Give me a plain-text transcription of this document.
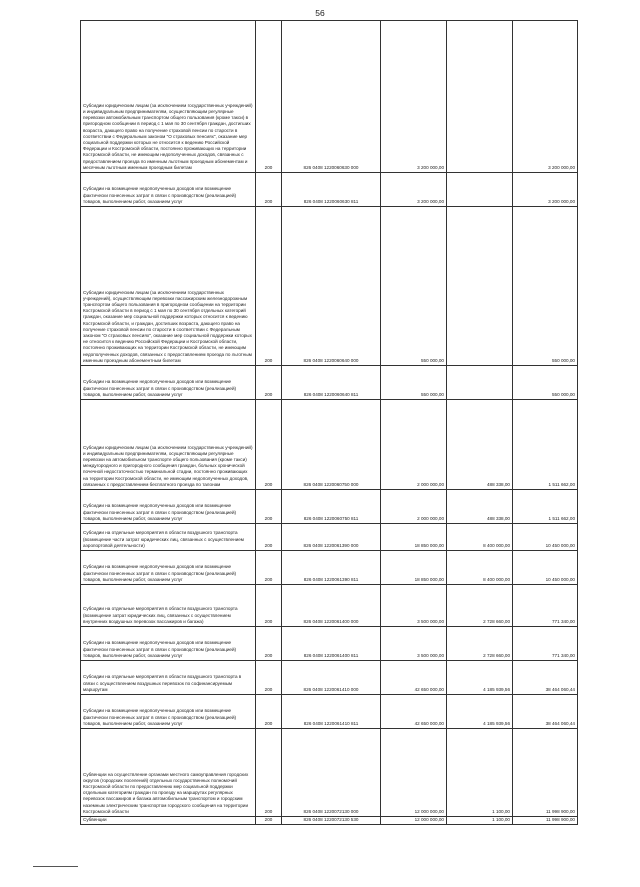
56
Субсидии юридическим лицам (за исключением государственных учреждений) и индивидуальным предпринимателям, осуществляющим регулярные перевозки автомобильным транспортом общего пользования (кроме такси) в пригородном сообщении в период с 1 мая по 30 сентября граждан, достигших возраста, дающего право на получение страховой пенсии по старости в соответствии с Федеральным законом "О страховых пенсиях", оказание мер социальной поддержки которых не относится к ведению Российской Федерации и Костромской области, постоянно проживающих на территории Костромской области, не имеющим недополученных доходов, связанных с предоставлением проезда по именным льготным проездным абонементам и месячным льготным именным проездным билетам	200	826 0408 1220060630 000	3 200 000,00		3 200 000,00
Субсидии на возмещение недополученных доходов или возмещение фактически понесенных затрат в связи с производством (реализацией) товаров, выполнением работ, оказанием услуг	200	826 0408 1220060630 811	3 200 000,00		3 200 000,00
Субсидии юридическим лицам (за исключением государственных учреждений), осуществляющим перевозки пассажирским железнодорожным транспортом общего пользования в пригородном сообщении на территории Костромской области в период с 1 мая по 30 сентября отдельных категорий граждан, оказание мер социальной поддержки которых относится к ведению Костромской области, и граждан, достигших возраста, дающего право на получение страховой пенсии по старости в соответствии с Федеральным законом "О страховых пенсиях", оказание мер социальной поддержки которых не относится к ведению Российской Федерации и Костромской области, постоянно проживающих на территории Костромской области, не имеющим недополученных доходов, связанных с предоставлением проезда по льготным именным проездным абонементным билетам	200	826 0408 1220060640 000	550 000,00		550 000,00
Субсидии на возмещение недополученных доходов или возмещение фактически понесенных затрат в связи с производством (реализацией) товаров, выполнением работ, оказанием услуг	200	826 0408 1220060640 811	550 000,00		550 000,00
Субсидии юридическим лицам (за исключением государственных учреждений) и индивидуальным предпринимателям, осуществляющим регулярные перевозки на автомобильном транспорте общего пользования (кроме такси) междугородного и пригородного сообщения граждан, больных хронической почечной недостаточностью терминальной стадии, постоянно проживающих на территории Костромской области, не имеющим недополученных доходов, связанных с предоставлением бесплатного проезда по талонам	200	826 0408 1220060750 000	2 000 000,00	488 338,00	1 511 662,00
Субсидии на возмещение недополученных доходов или возмещение фактически понесенных затрат в связи с производством (реализацией) товаров, выполнением работ, оказанием услуг	200	826 0408 1220060750 811	2 000 000,00	488 338,00	1 511 662,00
Субсидии на отдельные мероприятия в области воздушного транспорта (возмещение части затрат юридических лиц, связанных с осуществлением аэропортовой деятельности)	200	826 0408 1220061390 000	18 850 000,00	8 400 000,00	10 450 000,00
Субсидии на возмещение недополученных доходов или возмещение фактически понесенных затрат в связи с производством (реализацией) товаров, выполнением работ, оказанием услуг	200	826 0408 1220061390 811	18 850 000,00	8 400 000,00	10 450 000,00
Субсидии на отдельные мероприятия в области воздушного транспорта (возмещение затрат юридических лиц, связанных с осуществлением внутренних воздушных перевозок пассажиров и багажа)	200	826 0408 1220061400 000	3 500 000,00	2 728 660,00	771 340,00
Субсидии на возмещение недополученных доходов или возмещение фактически понесенных затрат в связи с производством (реализацией) товаров, выполнением работ, оказанием услуг	200	826 0408 1220061400 811	3 500 000,00	2 728 660,00	771 340,00
Субсидии на отдельные мероприятия в области воздушного транспорта в связи с осуществлением воздушных перевозок по софинансируемым маршрутам	200	826 0408 1220061410 000	42 650 000,00	4 185 939,56	38 464 060,44
Субсидии на возмещение недополученных доходов или возмещение фактически понесенных затрат в связи с производством (реализацией) товаров, выполнением работ, оказанием услуг	200	826 0408 1220061410 811	42 650 000,00	4 185 939,56	38 464 060,44
Субвенции на осуществление органами местного самоуправления городских округов (городских поселений) отдельных государственных полномочий Костромской области по предоставлению мер социальной поддержки отдельным категориям граждан по проезду на маршрутах регулярных перевозок пассажиров и багажа автомобильным транспортом и городским наземным электрическим транспортом городского сообщения на территории Костромской области	200	826 0408 1220072130 000	12 000 000,00	1 100,00	11 998 900,00
Субвенции	200	826 0408 1220072130 530	12 000 000,00	1 100,00	11 998 900,00
